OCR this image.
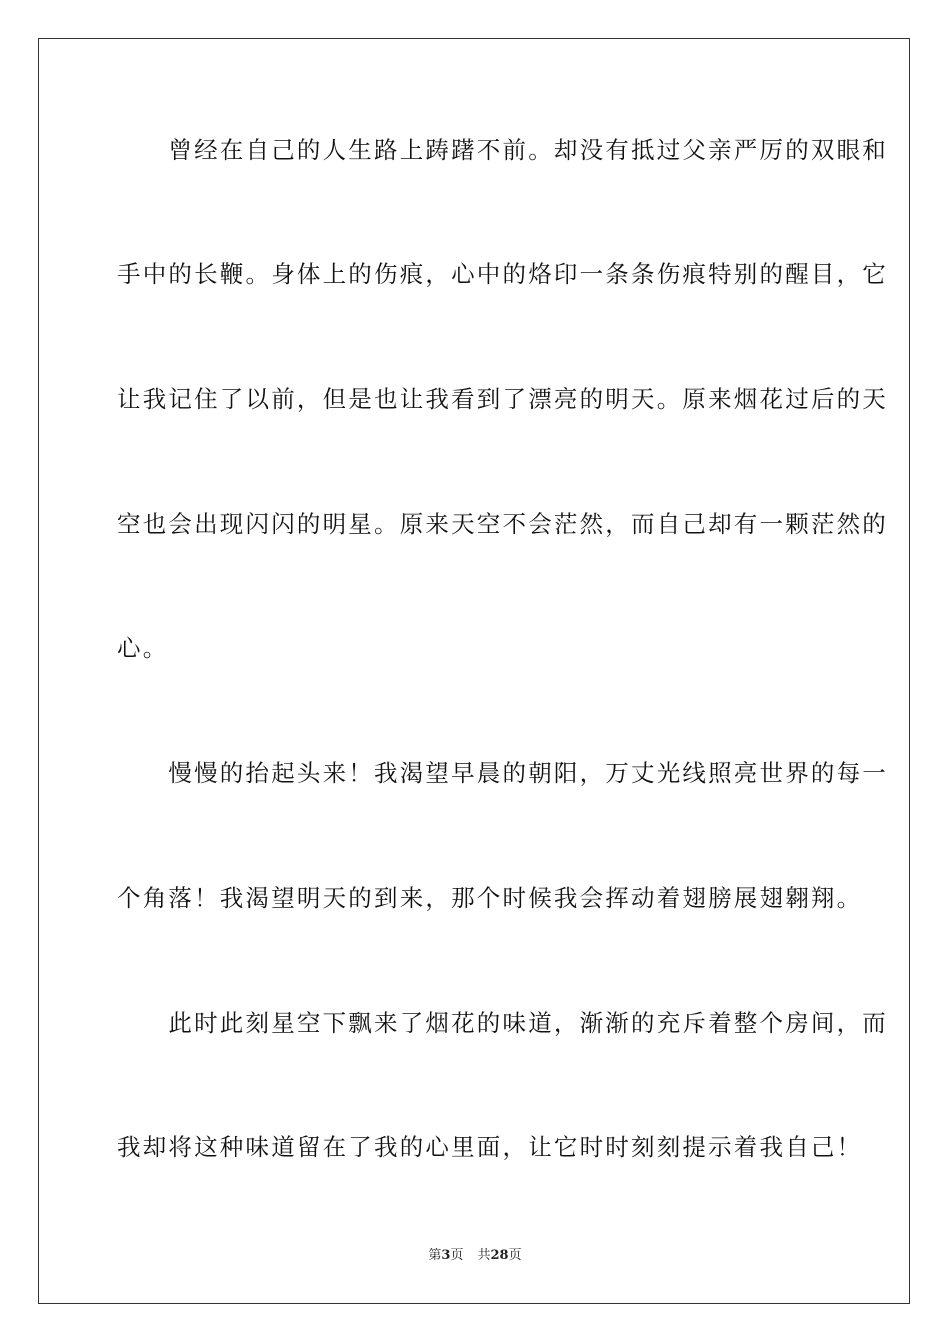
　　曾经在自己的人生路上踌躇不前。却没有抵过父亲严厉的双眼和
手中的长鞭。身体上的伤痕，心中的烙印一条条伤痕特别的醒目，它
让我记住了以前，但是也让我看到了漂亮的明天。原来烟花过后的天
空也会出现闪闪的明星。原来天空不会茫然，而自己却有一颗茫然的
心。
　　慢慢的抬起头来！我渴望早晨的朝阳，万丈光线照亮世界的每一
个角落！我渴望明天的到来，那个时候我会挥动着翅膀展翅翱翔。
　　此时此刻星空下飘来了烟花的味道，渐渐的充斥着整个房间，而
我却将这种味道留在了我的心里面，让它时时刻刻提示着我自己！
第3页 共28页
